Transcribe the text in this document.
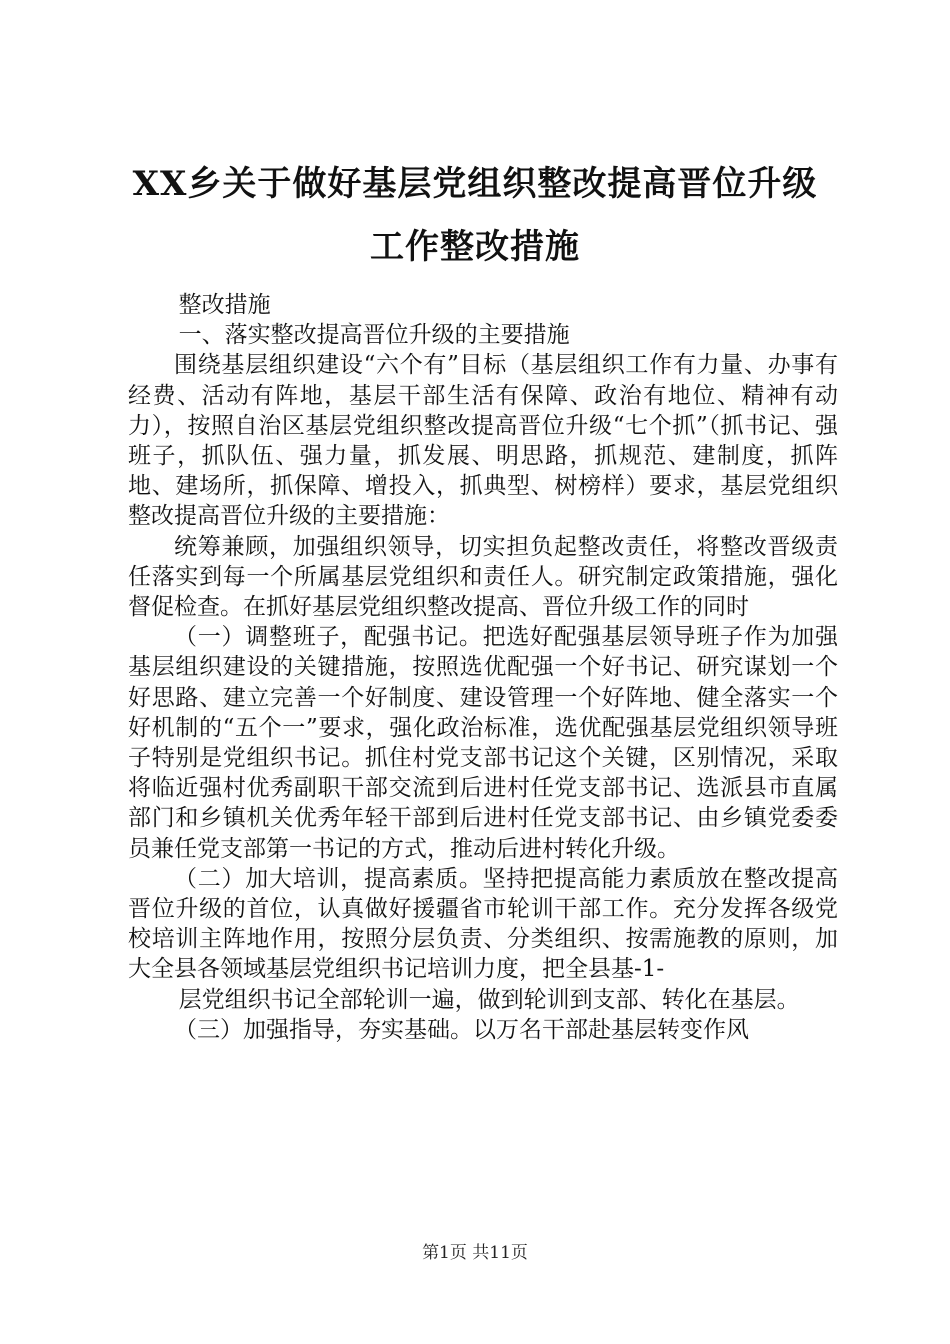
XX乡关于做好基层党组织整改提高晋位升级
工作整改措施

整改措施

一、落实整改提高晋位升级的主要措施

围绕基层组织建设“六个有”目标（基层组织工作有力量、办事有经费、活动有阵地，基层干部生活有保障、政治有地位、精神有动力），按照自治区基层党组织整改提高晋位升级“七个抓”（抓书记、强班子，抓队伍、强力量，抓发展、明思路，抓规范、建制度，抓阵地、建场所，抓保障、增投入，抓典型、树榜样）要求，基层党组织整改提高晋位升级的主要措施：

统筹兼顾，加强组织领导，切实担负起整改责任，将整改晋级责任落实到每一个所属基层党组织和责任人。研究制定政策措施，强化督促检查。在抓好基层党组织整改提高、晋位升级工作的同时

（一）调整班子，配强书记。把选好配强基层领导班子作为加强基层组织建设的关键措施，按照选优配强一个好书记、研究谋划一个好思路、建立完善一个好制度、建设管理一个好阵地、健全落实一个好机制的“五个一”要求，强化政治标准，选优配强基层党组织领导班子特别是党组织书记。抓住村党支部书记这个关键，区别情况，采取将临近强村优秀副职干部交流到后进村任党支部书记、选派县市直属部门和乡镇机关优秀年轻干部到后进村任党支部书记、由乡镇党委委员兼任党支部第一书记的方式，推动后进村转化升级。

（二）加大培训，提高素质。坚持把提高能力素质放在整改提高晋位升级的首位，认真做好援疆省市轮训干部工作。充分发挥各级党校培训主阵地作用，按照分层负责、分类组织、按需施教的原则，加大全县各领域基层党组织书记培训力度，把全县基-1-

层党组织书记全部轮训一遍，做到轮训到支部、转化在基层。

（三）加强指导，夯实基础。以万名干部赴基层转变作风

第1页 共11页
